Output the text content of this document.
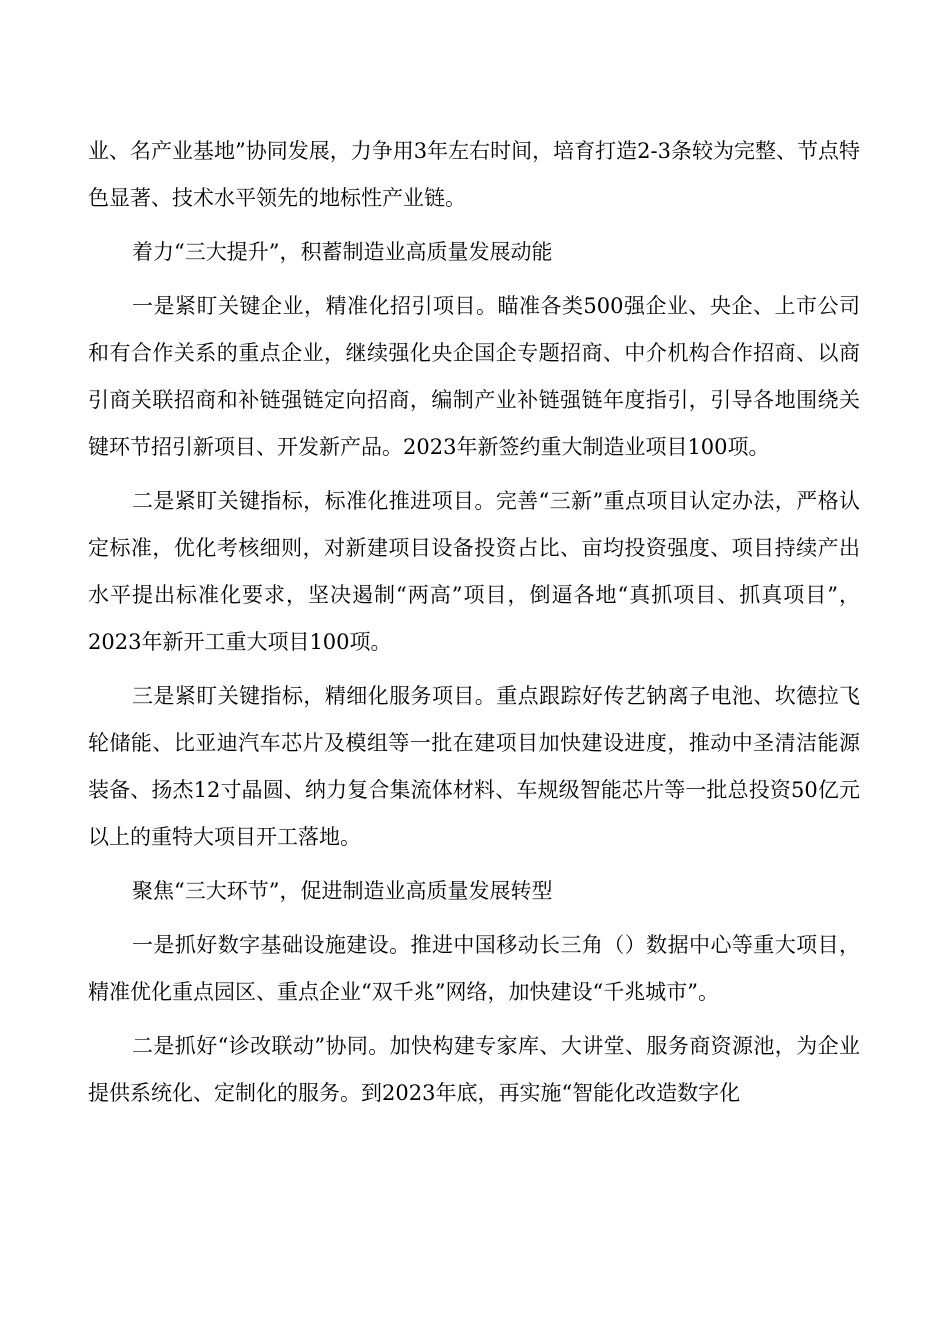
业、名产业基地”协同发展，力争用3年左右时间，培育打造2-3条较为完整、节点特色显著、技术水平领先的地标性产业链。

着力“三大提升”，积蓄制造业高质量发展动能

一是紧盯关键企业，精准化招引项目。瞄准各类500强企业、央企、上市公司和有合作关系的重点企业，继续强化央企国企专题招商、中介机构合作招商、以商引商关联招商和补链强链定向招商，编制产业补链强链年度指引，引导各地围绕关键环节招引新项目、开发新产品。2023年新签约重大制造业项目100项。

二是紧盯关键指标，标准化推进项目。完善“三新”重点项目认定办法，严格认定标准，优化考核细则，对新建项目设备投资占比、亩均投资强度、项目持续产出水平提出标准化要求，坚决遏制“两高”项目，倒逼各地“真抓项目、抓真项目”，2023年新开工重大项目100项。

三是紧盯关键指标，精细化服务项目。重点跟踪好传艺钠离子电池、坎德拉飞轮储能、比亚迪汽车芯片及模组等一批在建项目加快建设进度，推动中圣清洁能源装备、扬杰12寸晶圆、纳力复合集流体材料、车规级智能芯片等一批总投资50亿元以上的重特大项目开工落地。

聚焦“三大环节”，促进制造业高质量发展转型

一是抓好数字基础设施建设。推进中国移动长三角（）数据中心等重大项目，精准优化重点园区、重点企业“双千兆”网络，加快建设“千兆城市”。

二是抓好“诊改联动”协同。加快构建专家库、大讲堂、服务商资源池，为企业提供系统化、定制化的服务。到2023年底，再实施“智能化改造数字化
